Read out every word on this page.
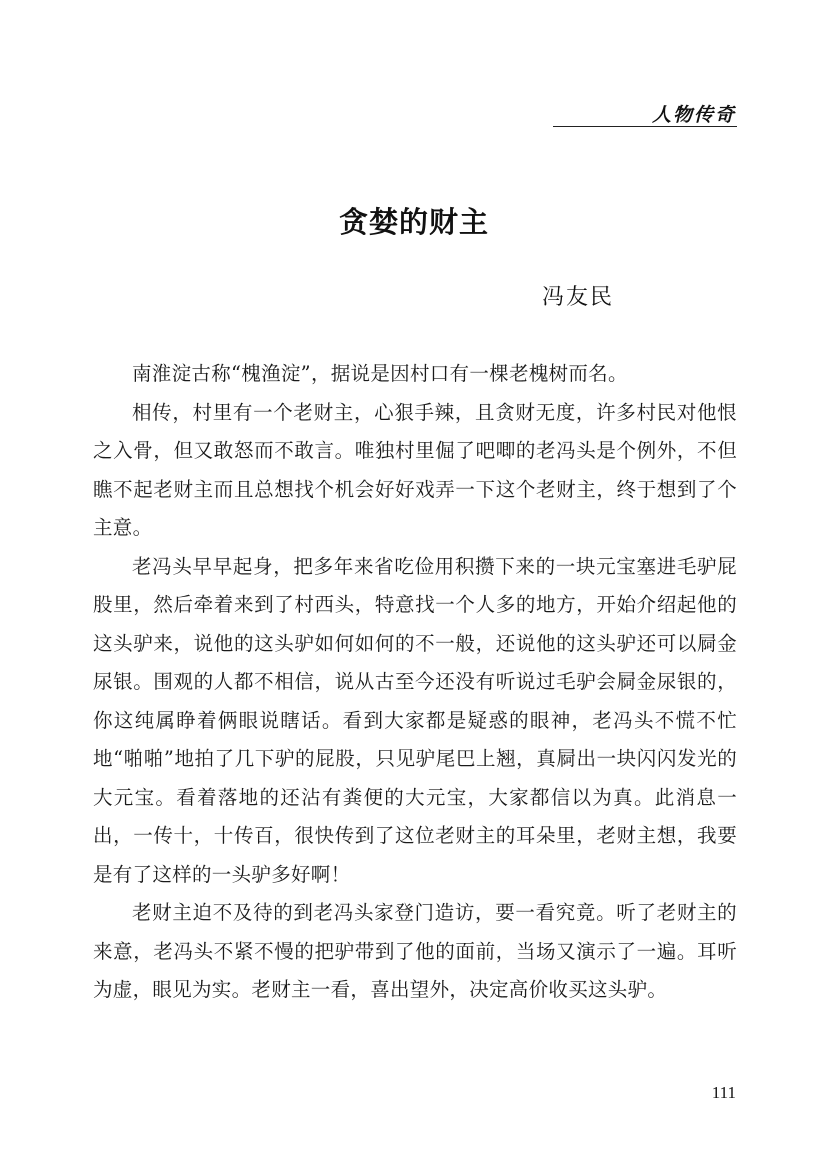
人物传奇
贪婪的财主
冯友民

南淮淀古称“槐渔淀”，据说是因村口有一棵老槐树而名。

相传，村里有一个老财主，心狠手辣，且贪财无度，许多村民对他恨之入骨，但又敢怒而不敢言。唯独村里倔了吧唧的老冯头是个例外，不但瞧不起老财主而且总想找个机会好好戏弄一下这个老财主，终于想到了个主意。

老冯头早早起身，把多年来省吃俭用积攒下来的一块元宝塞进毛驴屁股里，然后牵着来到了村西头，特意找一个人多的地方，开始介绍起他的这头驴来，说他的这头驴如何如何的不一般，还说他的这头驴还可以屙金尿银。围观的人都不相信，说从古至今还没有听说过毛驴会屙金尿银的，你这纯属睁着俩眼说瞎话。看到大家都是疑惑的眼神，老冯头不慌不忙地“啪啪”地拍了几下驴的屁股，只见驴尾巴上翘，真屙出一块闪闪发光的大元宝。看着落地的还沾有粪便的大元宝，大家都信以为真。此消息一出，一传十，十传百，很快传到了这位老财主的耳朵里，老财主想，我要是有了这样的一头驴多好啊！

老财主迫不及待的到老冯头家登门造访，要一看究竟。听了老财主的来意，老冯头不紧不慢的把驴带到了他的面前，当场又演示了一遍。耳听为虚，眼见为实。老财主一看，喜出望外，决定高价收买这头驴。

111
